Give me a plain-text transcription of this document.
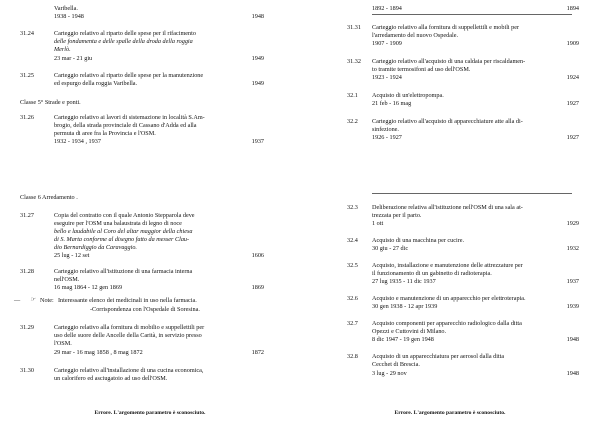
Varibella.

1938 - 1948	1948

31.24	Carteggio relativo al riparto delle spese per il rifacimento

delle fondamenta e delle spalle della droda della roggia

Merlò.

23 mar - 21 giu	1949

31.25	Carteggio relativo al riparto delle spese per la manutenzione

ed espurgo della roggia Varibella.	1949

Classe 5° Strade e ponti.

31.26	Carteggio relativo ai lavori di sistemazione in località S.Am-

brogio, della strada provinciale di Cassano d'Adda ed alla

permuta di aree fra la Provincia e l'OSM.

1932 - 1934 , 1937	1937

Classe 6 Arredamento .

31.27	Copia del contratto con il quale Antonio Stepparola deve

eseguire per l'OSM una balaustrata di legno di noce

bello e laudabile al Coro del altar maggior della chiesa

di S. Marta conforme al disegno fatto da messer Clau-

dio Bernardiggio da Caravaggio.

25 lug - 12 set	1606

31.28	Carteggio relativo all'istituzione di una farmacia interna

nell'OSM.

16 mag 1864 - 12 gen 1869	1869

— ☞ Note: Interessante elenco dei medicinali in uso nella farmacia.

-Corrispondenza con l'Ospedale di Soresina.

31.29	Carteggio relativo alla fornitura di mobilio e suppellettili per

uso delle suore delle Ancelle della Carità, in servizio presso

l'OSM.

29 mar - 16 mag 1858 , 8 mag 1872	1872

31.30	Carteggio relativo all'installazione di una cucina economica,

un calorifero ed asciugatoio ad uso dell'OSM.

Errore. L'argomento parametro è sconosciuto.

1892 - 1894	1894

31.31 Carteggio relativo alla fornitura di suppellettili e mobili per

l'arredamento del nuovo Ospedale.

1907 - 1909	1909

31.32 Carteggio relativo all'acquisto di una caldaia per riscaldamen-

to tramite termosifoni ad uso dell'OSM.

1923 - 1924	1924

32.1 Acquisto di un'elettropompa.

21 feb - 16 mag	1927

32.2 Carteggio relativo all'acquisto di apparecchiature atte alla di-

sinfezione.

1926 - 1927	1927

32.3 Deliberazione relativa all'istituzione nell'OSM di una sala at-

trezzata per il parto.

1 ott	1929

32.4 Acquisto di una macchina per cucire.

30 giu - 27 dic	1932

32.5 Acquisto, installazione e manutenzione delle attrezzature per

il funzionamento di un gabinetto di radioterapia.

27 lug 1935 - 11 dic 1937	1937

32.6 Acquisto e manutenzione di un apparecchio per elettroterapia.

30 gen 1938 - 12 apr 1939	1939

32.7 Acquisto componenti per apparecchio radiologico dalla ditta

Opezzi e Cuttovini di Milano.

8 dic 1947 - 19 gen 1948	1948

32.8 Acquisto di un apparecchiatura per aerosol dalla ditta

Cecchet di Brescia.

3 lug - 29 nov	1948

Errore. L'argomento parametro è sconosciuto.
